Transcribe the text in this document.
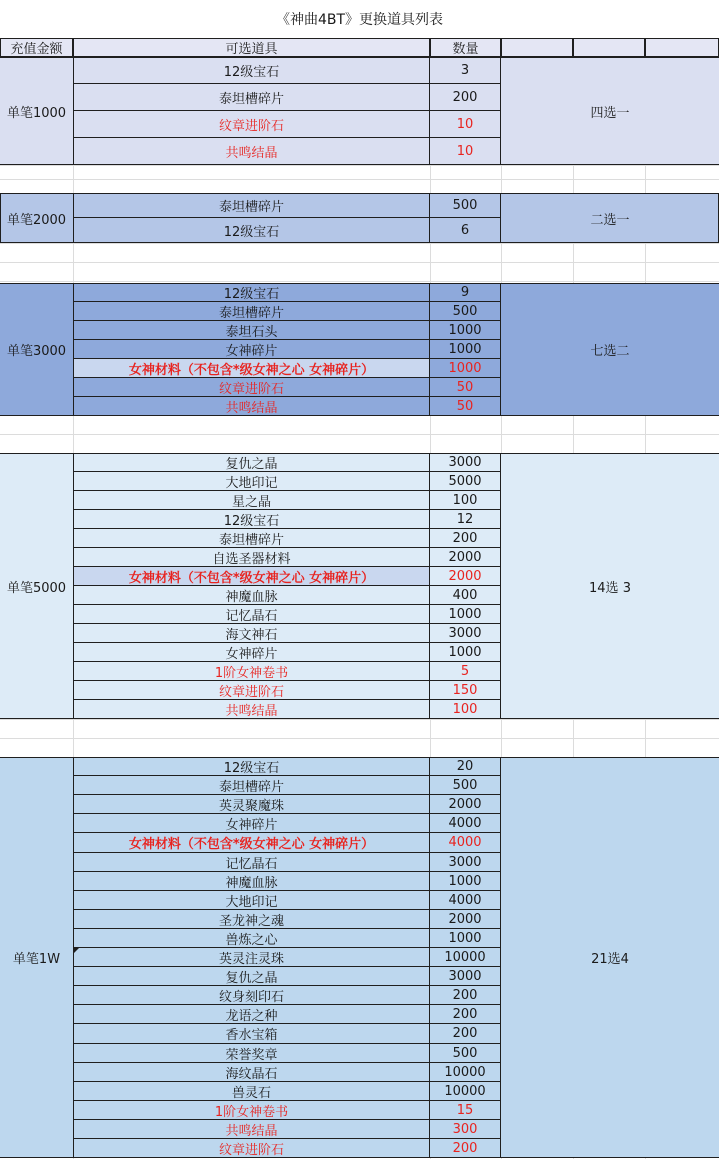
《神曲4BT》更换道具列表
充值金额	可选道具	数量
单笔1000	四选一
12级宝石	3
泰坦槽碎片	200
纹章进阶石	10
共鸣结晶	10
单笔2000	二选一
泰坦槽碎片	500
12级宝石	6
单笔3000	七选二
12级宝石	9
泰坦槽碎片	500
泰坦石头	1000
女神碎片	1000
女神材料（不包含*级女神之心 女神碎片）	1000
纹章进阶石	50
共鸣结晶	50
单笔5000	14选 3
复仇之晶	3000
大地印记	5000
星之晶	100
12级宝石	12
泰坦槽碎片	200
自选圣器材料	2000
女神材料（不包含*级女神之心 女神碎片）	2000
神魔血脉	400
记忆晶石	1000
海文神石	3000
女神碎片	1000
1阶女神卷书	5
纹章进阶石	150
共鸣结晶	100
单笔1W	21选4
12级宝石	20
泰坦槽碎片	500
英灵聚魔珠	2000
女神碎片	4000
女神材料（不包含*级女神之心 女神碎片）	4000
记忆晶石	3000
神魔血脉	1000
大地印记	4000
圣龙神之魂	2000
兽炼之心	1000
英灵注灵珠	10000
复仇之晶	3000
纹身刻印石	200
龙语之种	200
香水宝箱	200
荣誉奖章	500
海纹晶石	10000
兽灵石	10000
1阶女神卷书	15
共鸣结晶	300
纹章进阶石	200
